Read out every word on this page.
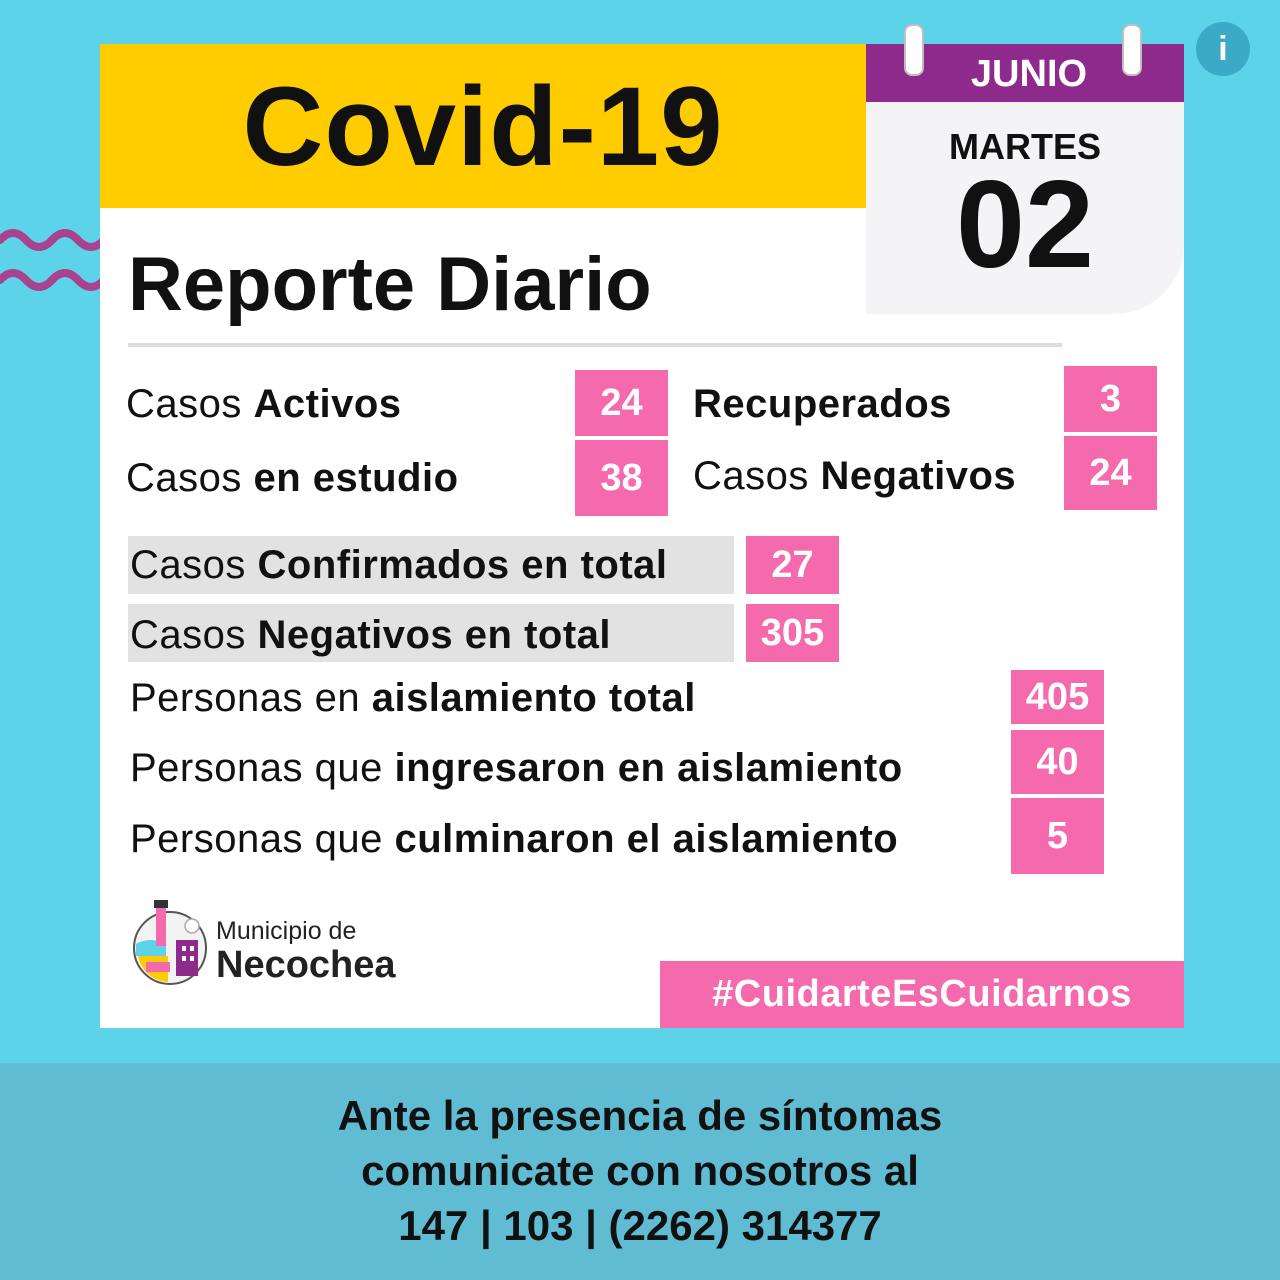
Covid-19	JUNIO
MARTES
02
Reporte Diario
Casos Activos	24	Recuperados	3
Casos en estudio	38	Casos Negativos	24
Casos Confirmados en total	27
Casos Negativos en total	305
Personas en aislamiento total	405
Personas que ingresaron en aislamiento	40
Personas que culminaron el aislamiento	5
Municipio de
Necochea
#CuidarteEsCuidarnos
i
Ante la presencia de síntomas
comunicate con nosotros al
147 | 103 | (2262) 314377
